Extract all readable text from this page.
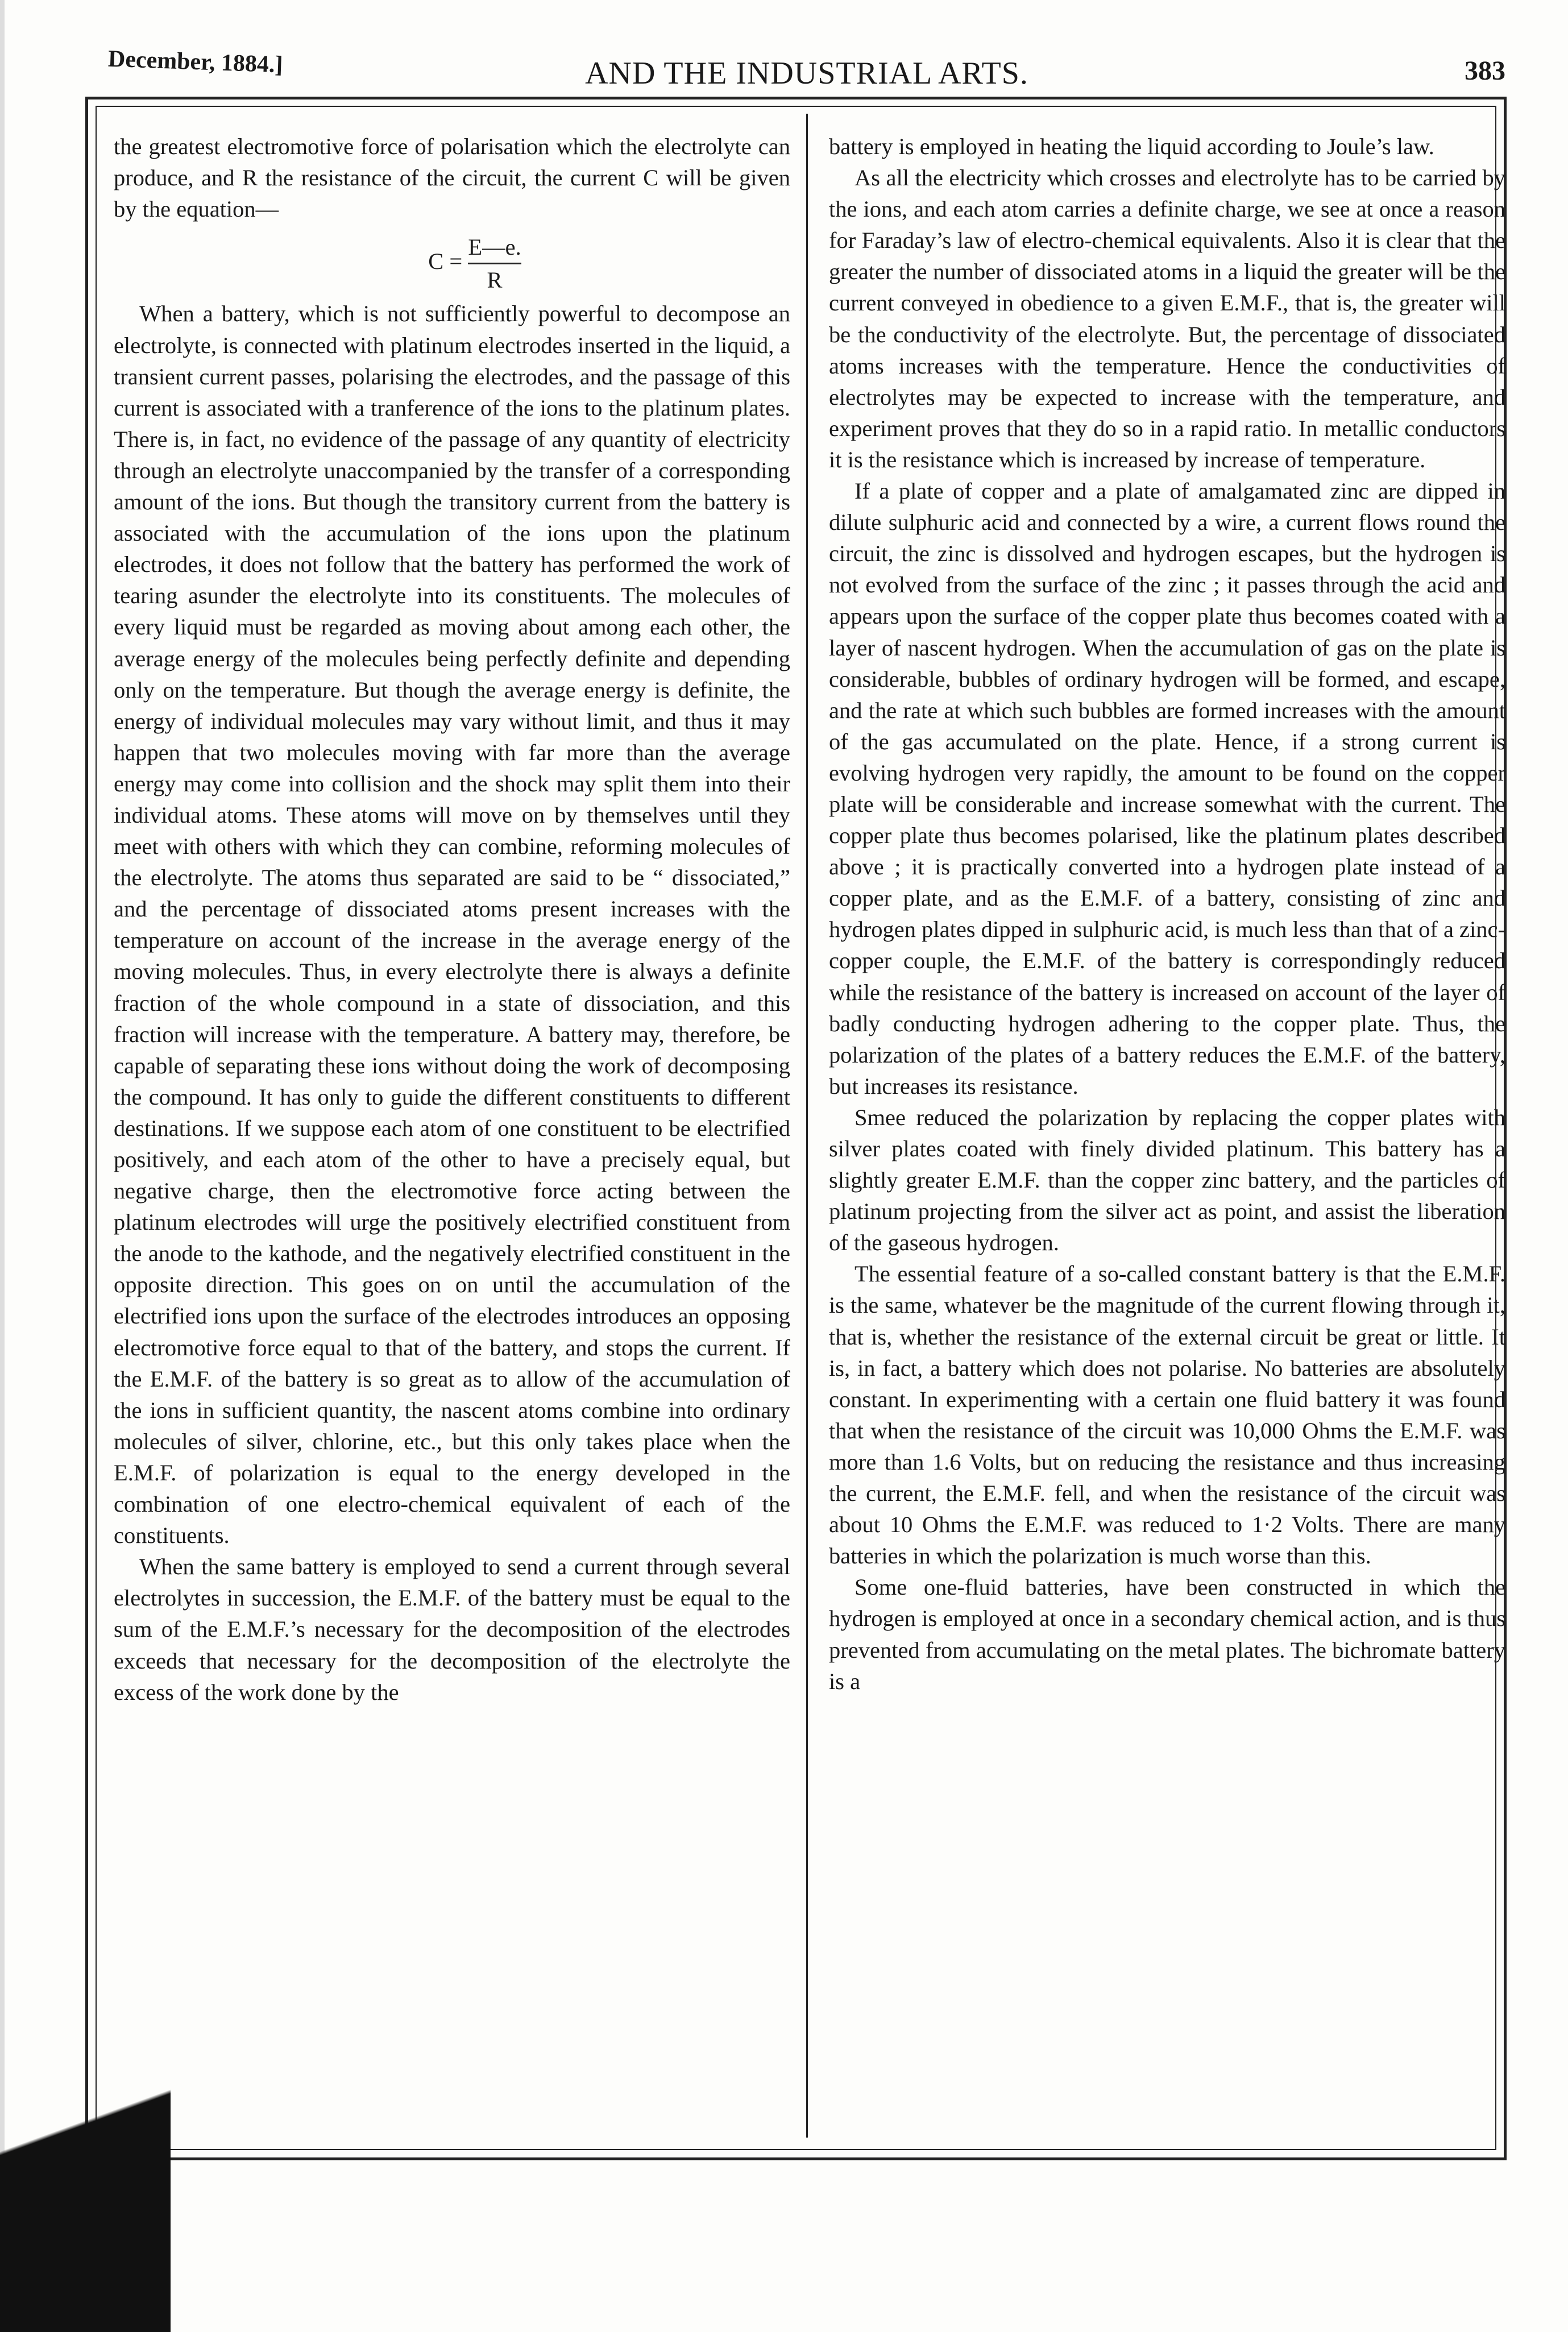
December, 1884.]	AND THE INDUSTRIAL ARTS.	383

the greatest electromotive force of polarisation which the electrolyte can produce, and R the resistance of the circuit, the current C will be given by the equation—

$C = \frac{E—e.}{R}$

When a battery, which is not sufficiently powerful to decompose an electrolyte, is connected with platinum electrodes inserted in the liquid, a transient current passes, polarising the electrodes, and the passage of this current is associated with a tranference of the ions to the platinum plates. There is, in fact, no evidence of the passage of any quantity of electricity through an electrolyte unaccompanied by the transfer of a corresponding amount of the ions. But though the transitory current from the battery is associated with the accumulation of the ions upon the platinum electrodes, it does not follow that the battery has performed the work of tearing asunder the electrolyte into its constituents. The molecules of every liquid must be regarded as moving about among each other, the average energy of the molecules being perfectly definite and depending only on the temperature. But though the average energy is definite, the energy of individual molecules may vary without limit, and thus it may happen that two molecules moving with far more than the average energy may come into collision and the shock may split them into their individual atoms. These atoms will move on by themselves until they meet with others with which they can combine, reforming molecules of the electrolyte. The atoms thus separated are said to be “ dissociated,” and the percentage of dissociated atoms present increases with the temperature on account of the increase in the average energy of the moving molecules. Thus, in every electrolyte there is always a definite fraction of the whole compound in a state of dissociation, and this fraction will increase with the temperature. A battery may, therefore, be capable of separating these ions without doing the work of decomposing the compound. It has only to guide the different constituents to different destinations. If we suppose each atom of one constituent to be electrified positively, and each atom of the other to have a precisely equal, but negative charge, then the electromotive force acting between the platinum electrodes will urge the positively electrified constituent from the anode to the kathode, and the negatively electrified constituent in the opposite direction. This goes on on until the accumulation of the electrified ions upon the surface of the electrodes introduces an opposing electromotive force equal to that of the battery, and stops the current. If the E.M.F. of the battery is so great as to allow of the accumulation of the ions in sufficient quantity, the nascent atoms combine into ordinary molecules of silver, chlorine, etc., but this only takes place when the E.M.F. of polarization is equal to the energy developed in the combination of one electro-chemical equivalent of each of the constituents.

When the same battery is employed to send a current through several electrolytes in succession, the E.M.F. of the battery must be equal to the sum of the E.M.F.’s necessary for the decomposition of the electrodes exceeds that necessary for the decomposition of the electrolyte the excess of the work done by the

battery is employed in heating the liquid according to Joule’s law.

As all the electricity which crosses and electrolyte has to be carried by the ions, and each atom carries a definite charge, we see at once a reason for Faraday’s law of electro-chemical equivalents. Also it is clear that the greater the number of dissociated atoms in a liquid the greater will be the current conveyed in obedience to a given E.M.F., that is, the greater will be the conductivity of the electrolyte. But, the percentage of dissociated atoms increases with the temperature. Hence the conductivities of electrolytes may be expected to increase with the temperature, and experiment proves that they do so in a rapid ratio. In metallic conductors it is the resistance which is increased by increase of temperature.

If a plate of copper and a plate of amalgamated zinc are dipped in dilute sulphuric acid and connected by a wire, a current flows round the circuit, the zinc is dissolved and hydrogen escapes, but the hydrogen is not evolved from the surface of the zinc ; it passes through the acid and appears upon the surface of the copper plate thus becomes coated with a layer of nascent hydrogen. When the accumulation of gas on the plate is considerable, bubbles of ordinary hydrogen will be formed, and escape, and the rate at which such bubbles are formed increases with the amount of the gas accumulated on the plate. Hence, if a strong current is evolving hydrogen very rapidly, the amount to be found on the copper plate will be considerable and increase somewhat with the current. The copper plate thus becomes polarised, like the platinum plates described above ; it is practically converted into a hydrogen plate instead of a copper plate, and as the E.M.F. of a battery, consisting of zinc and hydrogen plates dipped in sulphuric acid, is much less than that of a zinc-copper couple, the E.M.F. of the battery is correspondingly reduced while the resistance of the battery is increased on account of the layer of badly conducting hydrogen adhering to the copper plate. Thus, the polarization of the plates of a battery reduces the E.M.F. of the battery, but increases its resistance.

Smee reduced the polarization by replacing the copper plates with silver plates coated with finely divided platinum. This battery has a slightly greater E.M.F. than the copper zinc battery, and the particles of platinum projecting from the silver act as point, and assist the liberation of the gaseous hydrogen.

The essential feature of a so-called constant battery is that the E.M.F. is the same, whatever be the magnitude of the current flowing through it, that is, whether the resistance of the external circuit be great or little. It is, in fact, a battery which does not polarise. No batteries are absolutely constant. In experimenting with a certain one fluid battery it was found that when the resistance of the circuit was 10,000 Ohms the E.M.F. was more than 1.6 Volts, but on reducing the resistance and thus increasing the current, the E.M.F. fell, and when the resistance of the circuit was about 10 Ohms the E.M.F. was reduced to 1·2 Volts. There are many batteries in which the polarization is much worse than this.

Some one-fluid batteries, have been constructed in which the hydrogen is employed at once in a secondary chemical action, and is thus prevented from accumulating on the metal plates. The bichromate battery is a
